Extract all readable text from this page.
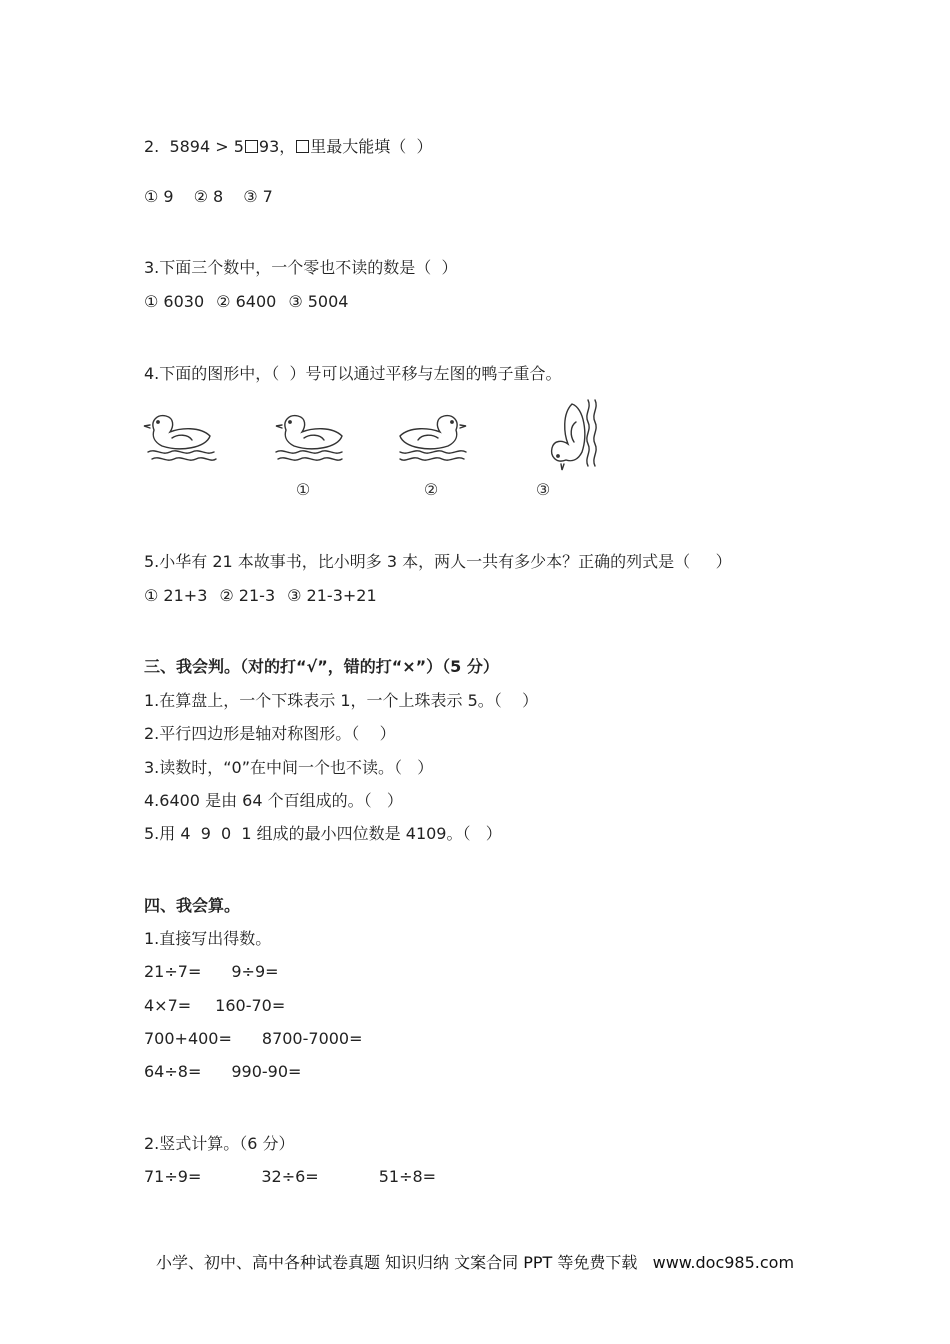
2.  5894 > 5 93， 里最大能填（  ）
① 9 ② 8 ③ 7
3.下面三个数中，一个零也不读的数是（  ）
① 6030 ② 6400 ③ 5004
4.下面的图形中，（  ）号可以通过平移与左图的鸭子重合。
①	②	③
5.小华有 21 本故事书，比小明多 3 本，两人一共有多少本？正确的列式是（     ）
① 21+3 ② 21-3 ③ 21-3+21
三、我会判。（对的打“√”，错的打“×”）（5 分）
1.在算盘上，一个下珠表示 1，一个上珠表示 5。（    ）
2.平行四边形是轴对称图形。（    ）
3.读数时，“0”在中间一个也不读。（   ）
4.6400 是由 64 个百组成的。（   ）
5.用 4  9  0  1 组成的最小四位数是 4109。（   ）
四、我会算。
1.直接写出得数。
21÷7= 9÷9=
4×7= 160-70=
700+400= 8700-7000=
64÷8= 990-90=
2.竖式计算。（6 分）
71÷9=	32÷6=	51÷8=
小学、初中、高中各种试卷真题 知识归纳 文案合同 PPT 等免费下载   www.doc985.com
